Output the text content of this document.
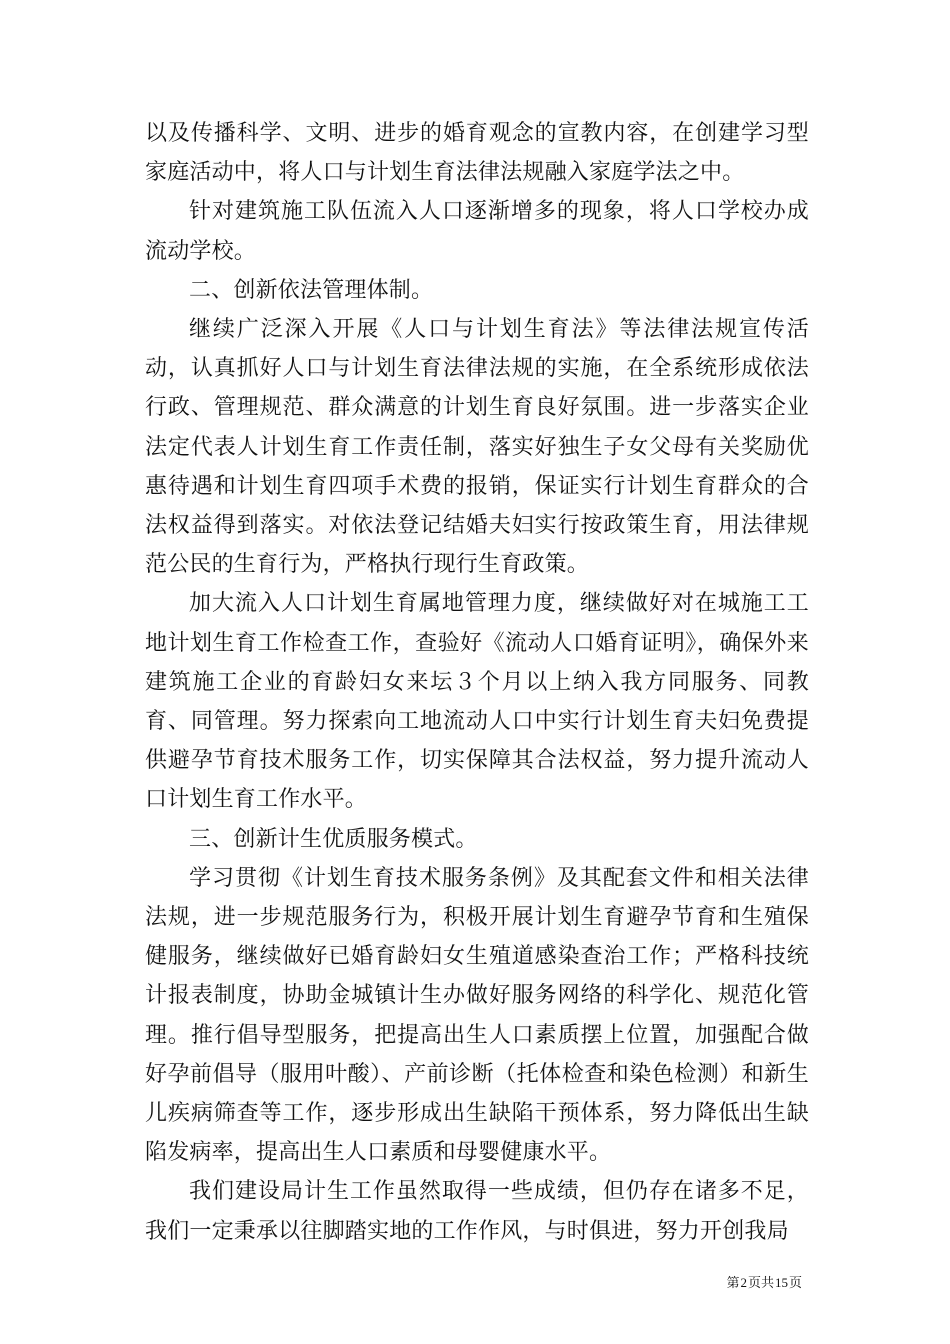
以及传播科学、文明、进步的婚育观念的宣教内容，在创建学习型家庭活动中，将人口与计划生育法律法规融入家庭学法之中。

针对建筑施工队伍流入人口逐渐增多的现象，将人口学校办成流动学校。

二、创新依法管理体制。

继续广泛深入开展《人口与计划生育法》等法律法规宣传活动，认真抓好人口与计划生育法律法规的实施，在全系统形成依法行政、管理规范、群众满意的计划生育良好氛围。进一步落实企业法定代表人计划生育工作责任制，落实好独生子女父母有关奖励优惠待遇和计划生育四项手术费的报销，保证实行计划生育群众的合法权益得到落实。对依法登记结婚夫妇实行按政策生育，用法律规范公民的生育行为，严格执行现行生育政策。

加大流入人口计划生育属地管理力度，继续做好对在城施工工地计划生育工作检查工作，查验好《流动人口婚育证明》，确保外来建筑施工企业的育龄妇女来坛３个月以上纳入我方同服务、同教育、同管理。努力探索向工地流动人口中实行计划生育夫妇免费提供避孕节育技术服务工作，切实保障其合法权益，努力提升流动人口计划生育工作水平。

三、创新计生优质服务模式。

学习贯彻《计划生育技术服务条例》及其配套文件和相关法律法规，进一步规范服务行为，积极开展计划生育避孕节育和生殖保健服务，继续做好已婚育龄妇女生殖道感染查治工作；严格科技统计报表制度，协助金城镇计生办做好服务网络的科学化、规范化管理。推行倡导型服务，把提高出生人口素质摆上位置，加强配合做好孕前倡导（服用叶酸）、产前诊断（托体检查和染色检测）和新生儿疾病筛查等工作，逐步形成出生缺陷干预体系，努力降低出生缺陷发病率，提高出生人口素质和母婴健康水平。

我们建设局计生工作虽然取得一些成绩，但仍存在诸多不足，我们一定秉承以往脚踏实地的工作作风，与时俱进，努力开创我局

第2页共15页
